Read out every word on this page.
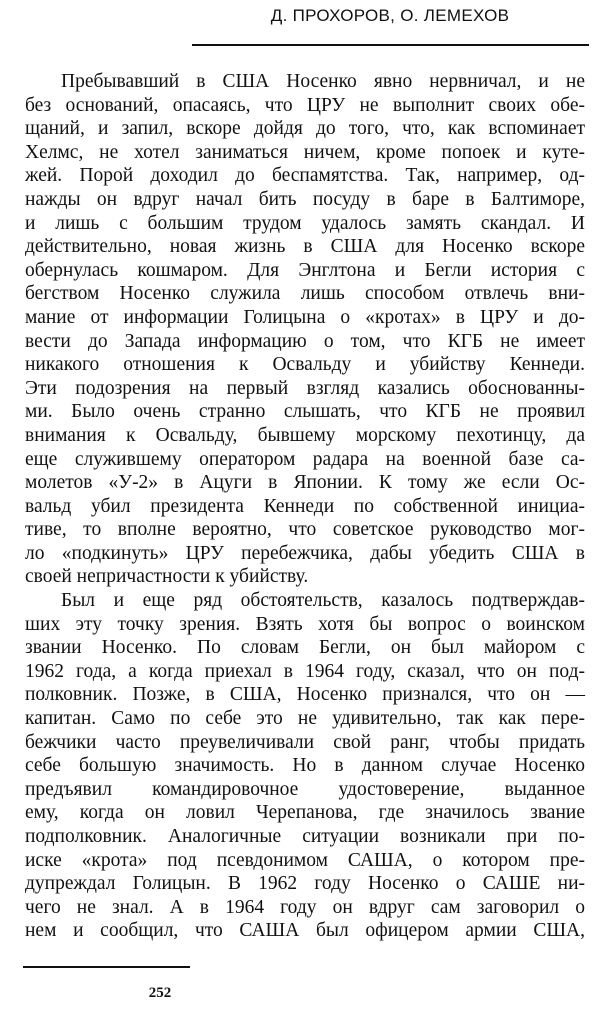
Д. ПРОХОРОВ, О. ЛЕМЕХОВ
Пребывавший в США Носенко явно нервничал, и не
без оснований, опасаясь, что ЦРУ не выполнит своих обе-
щаний, и запил, вскоре дойдя до того, что, как вспоминает
Хелмс, не хотел заниматься ничем, кроме попоек и куте-
жей. Порой доходил до беспамятства. Так, например, од-
нажды он вдруг начал бить посуду в баре в Балтиморе,
и лишь с большим трудом удалось замять скандал. И
действительно, новая жизнь в США для Носенко вскоре
обернулась кошмаром. Для Энглтона и Бегли история с
бегством Носенко служила лишь способом отвлечь вни-
мание от информации Голицына о «кротах» в ЦРУ и до-
вести до Запада информацию о том, что КГБ не имеет
никакого отношения к Освальду и убийству Кеннеди.
Эти подозрения на первый взгляд казались обоснованны-
ми. Было очень странно слышать, что КГБ не проявил
внимания к Освальду, бывшему морскому пехотинцу, да
еще служившему оператором радара на военной базе са-
молетов «У-2» в Ацуги в Японии. К тому же если Ос-
вальд убил президента Кеннеди по собственной инициа-
тиве, то вполне вероятно, что советское руководство мог-
ло «подкинуть» ЦРУ перебежчика, дабы убедить США в
своей непричастности к убийству.
Был и еще ряд обстоятельств, казалось подтверждав-
ших эту точку зрения. Взять хотя бы вопрос о воинском
звании Носенко. По словам Бегли, он был майором с
1962 года, а когда приехал в 1964 году, сказал, что он под-
полковник. Позже, в США, Носенко признался, что он —
капитан. Само по себе это не удивительно, так как пере-
бежчики часто преувеличивали свой ранг, чтобы придать
себе большую значимость. Но в данном случае Носенко
предъявил командировочное удостоверение, выданное
ему, когда он ловил Черепанова, где значилось звание
подполковник. Аналогичные ситуации возникали при по-
иске «крота» под псевдонимом САША, о котором пре-
дупреждал Голицын. В 1962 году Носенко о САШЕ ни-
чего не знал. А в 1964 году он вдруг сам заговорил о
нем и сообщил, что САША был офицером армии США,
252
